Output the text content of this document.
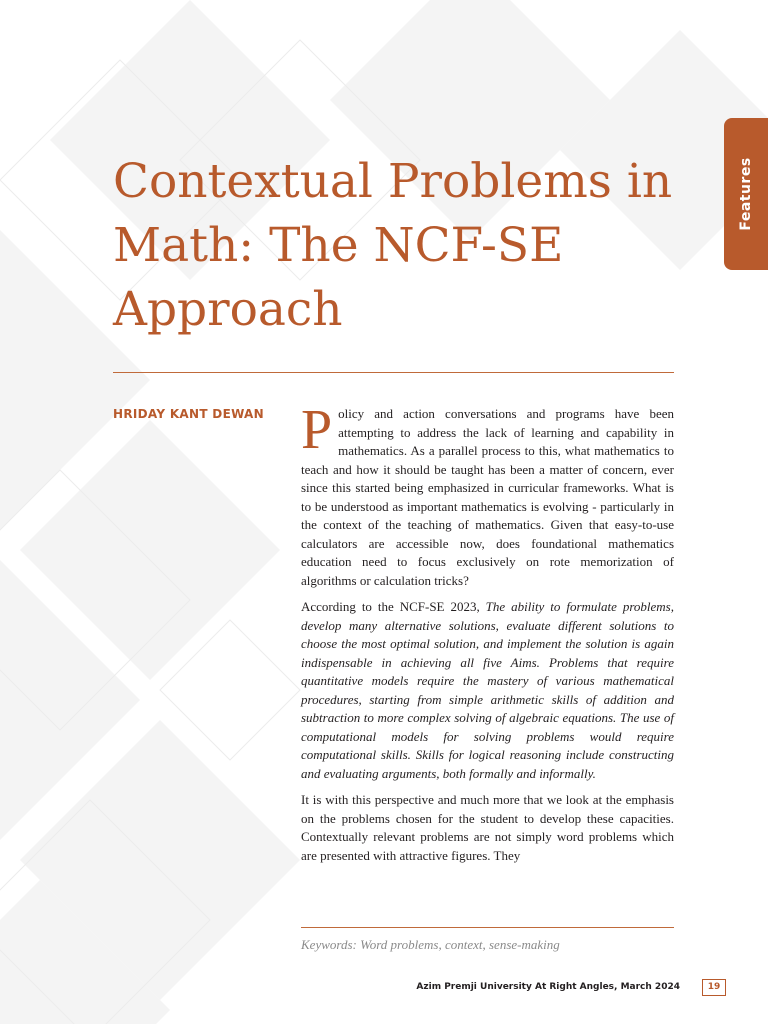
Features
Contextual Problems in Math: The NCF-SE Approach
HRIDAY KANT DEWAN Policy and action conversations and programs have been attempting to address the lack of learning and capability in mathematics. As a parallel process to this, what mathematics to teach and how it should be taught has been a matter of concern, ever since this started being emphasized in curricular frameworks. What is to be understood as important mathematics is evolving - particularly in the context of the teaching of mathematics. Given that easy-to-use calculators are accessible now, does foundational mathematics education need to focus exclusively on rote memorization of algorithms or calculation tricks?

According to the NCF-SE 2023, The ability to formulate problems, develop many alternative solutions, evaluate different solutions to choose the most optimal solution, and implement the solution is again indispensable in achieving all five Aims. Problems that require quantitative models require the mastery of various mathematical procedures, starting from simple arithmetic skills of addition and subtraction to more complex solving of algebraic equations. The use of computational models for solving problems would require computational skills. Skills for logical reasoning include constructing and evaluating arguments, both formally and informally.

It is with this perspective and much more that we look at the emphasis on the problems chosen for the student to develop these capacities. Contextually relevant problems are not simply word problems which are presented with attractive figures. They

Keywords: Word problems, context, sense-making
Azim Premji University At Right Angles, March 2024	19
